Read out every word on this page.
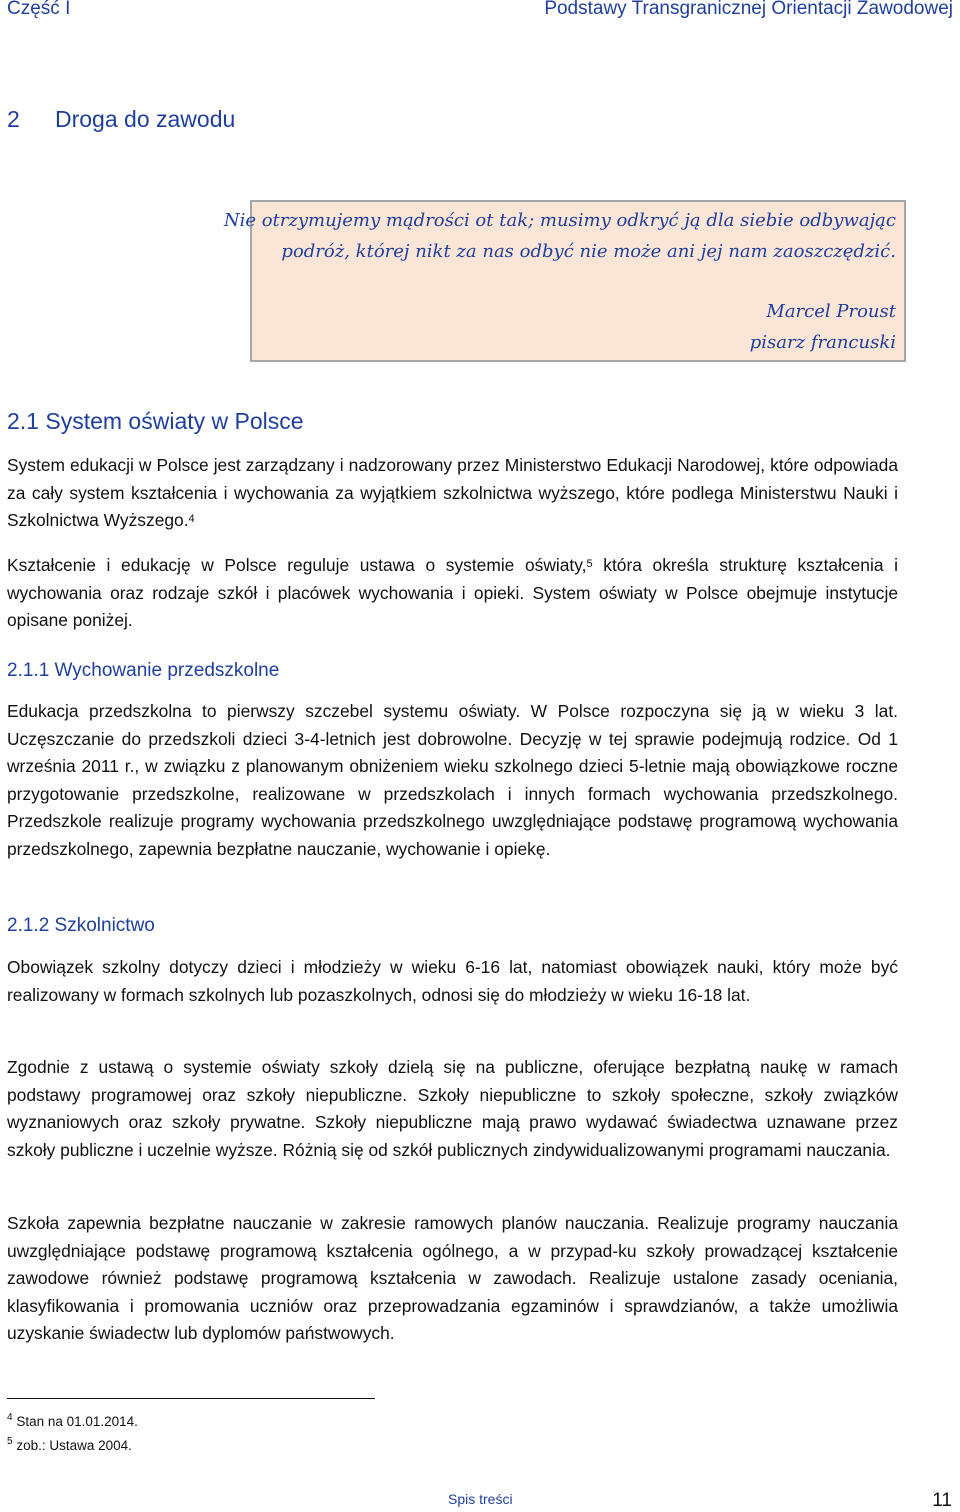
Część I	Podstawy Transgranicznej Orientacji Zawodowej
2 Droga do zawodu
Nie otrzymujemy mądrości ot tak; musimy odkryć ją dla siebie odbywając
podróż, której nikt za nas odbyć nie może ani jej nam zaoszczędzić.
Marcel Proust
pisarz francuski
2.1 System oświaty w Polsce

System edukacji w Polsce jest zarządzany i nadzorowany przez Ministerstwo Edukacji Narodowej, które odpowiada za cały system kształcenia i wychowania za wyjątkiem szkolnictwa wyższego, które podlega Ministerstwu Nauki i Szkolnictwa Wyższego.$^4$

Kształcenie i edukację w Polsce reguluje ustawa o systemie oświaty,$^5$ która określa strukturę kształcenia i wychowania oraz rodzaje szkół i placówek wychowania i opieki. System oświaty w Polsce obejmuje instytucje opisane poniżej.

2.1.1 Wychowanie przedszkolne

Edukacja przedszkolna to pierwszy szczebel systemu oświaty. W Polsce rozpoczyna się ją w wieku 3 lat. Uczęszczanie do przedszkoli dzieci 3-4-letnich jest dobrowolne. Decyzję w tej sprawie podejmują rodzice. Od 1 września 2011 r., w związku z planowanym obniżeniem wieku szkolnego dzieci 5-letnie mają obowiązkowe roczne przygotowanie przedszkolne, realizowane w przedszkolach i innych formach wychowania przedszkolnego. Przedszkole realizuje programy wychowania przedszkolnego uwzględniające podstawę programową wychowania przedszkolnego, zapewnia bezpłatne nauczanie, wychowanie i opiekę.

2.1.2 Szkolnictwo

Obowiązek szkolny dotyczy dzieci i młodzieży w wieku 6-16 lat, natomiast obowiązek nauki, który może być realizowany w formach szkolnych lub pozaszkolnych, odnosi się do młodzieży w wieku 16-18 lat.

Zgodnie z ustawą o systemie oświaty szkoły dzielą się na publiczne, oferujące bezpłatną naukę w ramach podstawy programowej oraz szkoły niepubliczne. Szkoły niepubliczne to szkoły społeczne, szkoły związków wyznaniowych oraz szkoły prywatne. Szkoły niepubliczne mają prawo wydawać świadectwa uznawane przez szkoły publiczne i uczelnie wyższe. Różnią się od szkół publicznych zindywidualizowanymi programami nauczania.

Szkoła zapewnia bezpłatne nauczanie w zakresie ramowych planów nauczania. Realizuje programy nauczania uwzględniające podstawę programową kształcenia ogólnego, a w przypad-ku szkoły prowadzącej kształcenie zawodowe również podstawę programową kształcenia w zawodach. Realizuje ustalone zasady oceniania, klasyfikowania i promowania uczniów oraz przeprowadzania egzaminów i sprawdzianów, a także umożliwia uzyskanie świadectw lub dyplomów państwowych.

$^4$ Stan na 01.01.2014.
$^5$ zob.: Ustawa 2004.
Spis treści	11
